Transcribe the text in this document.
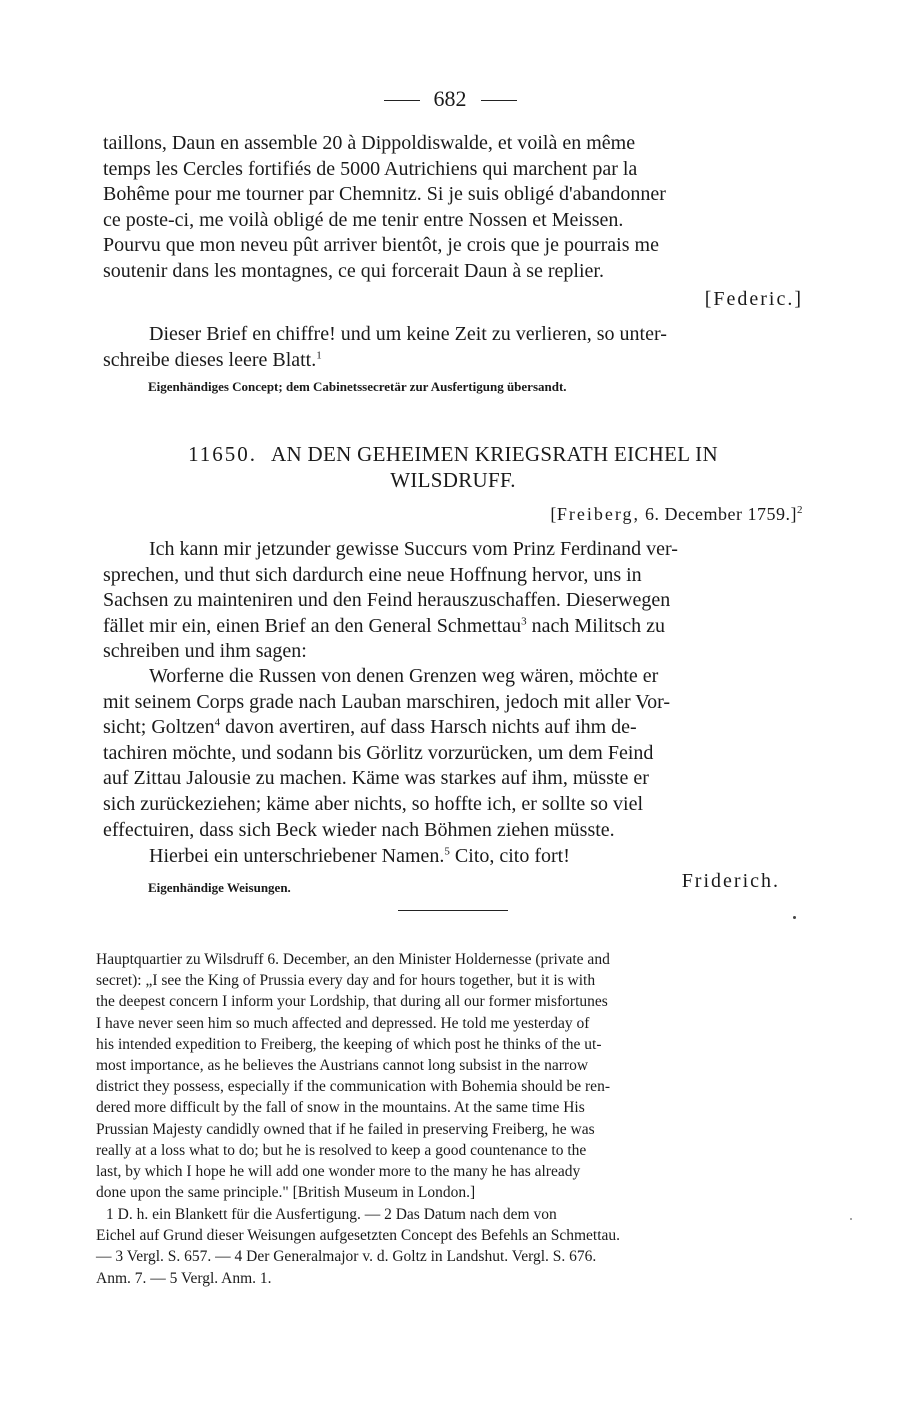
682

taillons, Daun en assemble 20 à Dippoldiswalde, et voilà en même

temps les Cercles fortifiés de 5000 Autrichiens qui marchent par la

Bohême pour me tourner par Chemnitz. Si je suis obligé d'abandonner

ce poste-ci, me voilà obligé de me tenir entre Nossen et Meissen.

Pourvu que mon neveu pût arriver bientôt, je crois que je pourrais me

soutenir dans les montagnes, ce qui forcerait Daun à se replier.

[Federic.]

Dieser Brief en chiffre! und um keine Zeit zu verlieren, so unter-

schreibe dieses leere Blatt.$^1$

Eigenhändiges Concept; dem Cabinetssecretär zur Ausfertigung übersandt.
11650. AN DEN GEHEIMEN KRIEGSRATH EICHEL IN
WILSDRUFF.
[Freiberg, 6. December 1759.]$^2$

Ich kann mir jetzunder gewisse Succurs vom Prinz Ferdinand ver-

sprechen, und thut sich dardurch eine neue Hoffnung hervor, uns in

Sachsen zu mainteniren und den Feind herauszuschaffen. Dieserwegen

fället mir ein, einen Brief an den General Schmettau$^3$ nach Militsch zu

schreiben und ihm sagen:

Worferne die Russen von denen Grenzen weg wären, möchte er

mit seinem Corps grade nach Lauban marschiren, jedoch mit aller Vor-

sicht; Goltzen$^4$ davon avertiren, auf dass Harsch nichts auf ihm de-

tachiren möchte, und sodann bis Görlitz vorzurücken, um dem Feind

auf Zittau Jalousie zu machen. Käme was starkes auf ihm, müsste er

sich zurückeziehen; käme aber nichts, so hoffte ich, er sollte so viel

effectuiren, dass sich Beck wieder nach Böhmen ziehen müsste.

Hierbei ein unterschriebener Namen.$^5$ Cito, cito fort!

Eigenhändige Weisungen.	Friderich.

Hauptquartier zu Wilsdruff 6. December, an den Minister Holdernesse (private and

secret): „I see the King of Prussia every day and for hours together, but it is with

the deepest concern I inform your Lordship, that during all our former misfortunes

I have never seen him so much affected and depressed. He told me yesterday of

his intended expedition to Freiberg, the keeping of which post he thinks of the ut-

most importance, as he believes the Austrians cannot long subsist in the narrow

district they possess, especially if the communication with Bohemia should be ren-

dered more difficult by the fall of snow in the mountains. At the same time His

Prussian Majesty candidly owned that if he failed in preserving Freiberg, he was

really at a loss what to do; but he is resolved to keep a good countenance to the

last, by which I hope he will add one wonder more to the many he has already

done upon the same principle." [British Museum in London.]

1 D. h. ein Blankett für die Ausfertigung. — 2 Das Datum nach dem von

Eichel auf Grund dieser Weisungen aufgesetzten Concept des Befehls an Schmettau.

— 3 Vergl. S. 657. — 4 Der Generalmajor v. d. Goltz in Landshut. Vergl. S. 676.

Anm. 7. — 5 Vergl. Anm. 1.
